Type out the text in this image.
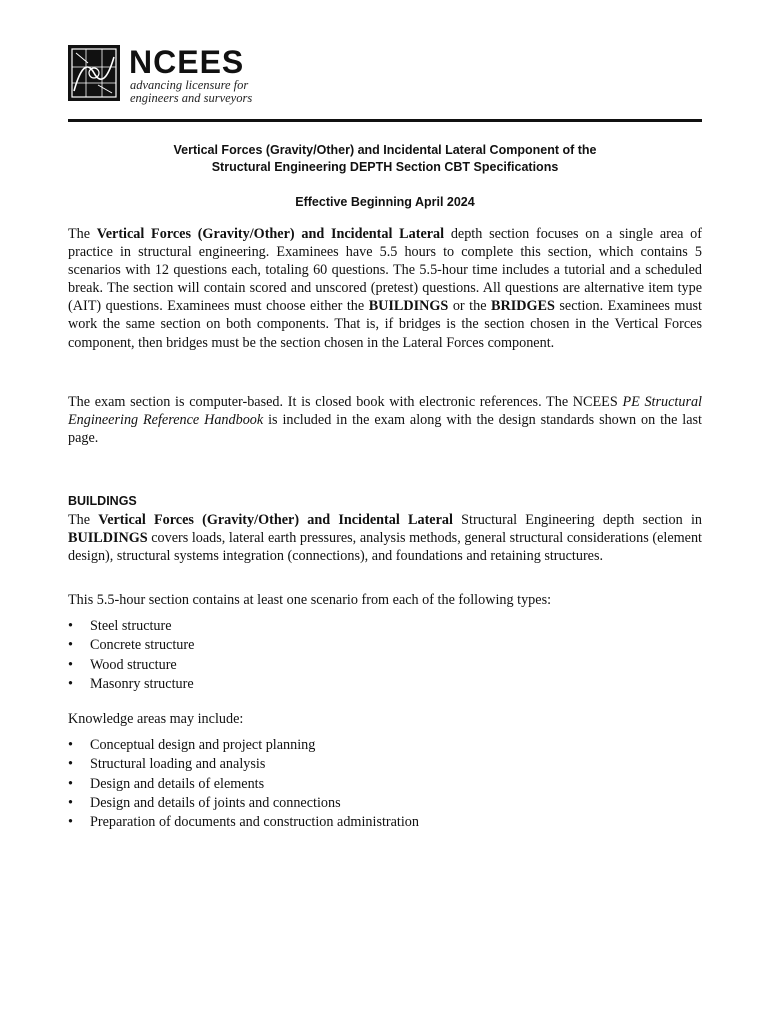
NCEES
advancing licensure for
engineers and surveyors
Vertical Forces (Gravity/Other) and Incidental Lateral Component of the
Structural Engineering DEPTH Section CBT Specifications
Effective Beginning April 2024

The Vertical Forces (Gravity/Other) and Incidental Lateral depth section focuses on a single area of practice in structural engineering. Examinees have 5.5 hours to complete this section, which contains 5 scenarios with 12 questions each, totaling 60 questions. The 5.5-hour time includes a tutorial and a scheduled break. The section will contain scored and unscored (pretest) questions. All questions are alternative item type (AIT) questions. Examinees must choose either the BUILDINGS or the BRIDGES section. Examinees must work the same section on both components. That is, if bridges is the section chosen in the Vertical Forces component, then bridges must be the section chosen in the Lateral Forces component.

The exam section is computer-based. It is closed book with electronic references. The NCEES PE Structural Engineering Reference Handbook is included in the exam along with the design standards shown on the last page.

BUILDINGS

The Vertical Forces (Gravity/Other) and Incidental Lateral Structural Engineering depth section in BUILDINGS covers loads, lateral earth pressures, analysis methods, general structural considerations (element design), structural systems integration (connections), and foundations and retaining structures.

This 5.5-hour section contains at least one scenario from each of the following types:

• Steel structure
• Concrete structure
• Wood structure
• Masonry structure

Knowledge areas may include:

• Conceptual design and project planning
• Structural loading and analysis
• Design and details of elements
• Design and details of joints and connections
• Preparation of documents and construction administration
